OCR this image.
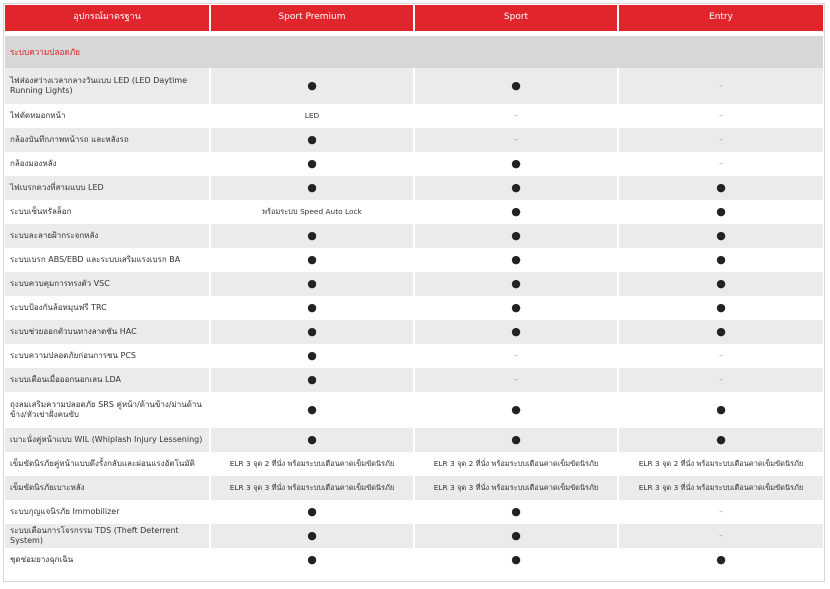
อุปกรณ์มาตรฐาน	Sport Premium	Sport	Entry
ระบบความปลอดภัย
ไฟส่องสว่างเวลากลางวันแบบ LED (LED Daytime Running Lights)	●	●	–
ไฟตัดหมอกหน้า	LED	–	–
กล้องบันทึกภาพหน้ารถ และหลังรถ	●	–	–
กล้องมองหลัง	●	●	–
ไฟเบรกดวงที่สามแบบ LED	●	●	●
ระบบเซ็นทรัลล็อก	พร้อมระบบ Speed Auto Lock	●	●
ระบบละลายฝ้ากระจกหลัง	●	●	●
ระบบเบรก ABS/EBD และระบบเสริมแรงเบรก BA	●	●	●
ระบบควบคุมการทรงตัว VSC	●	●	●
ระบบป้องกันล้อหมุนฟรี TRC	●	●	●
ระบบช่วยออกตัวบนทางลาดชัน HAC	●	●	●
ระบบความปลอดภัยก่อนการชน PCS	●	–	–
ระบบเตือนเมื่อออกนอกเลน LDA	●	–	–
ถุงลมเสริมความปลอดภัย SRS คู่หน้า/ด้านข้าง/ม่านด้านข้าง/หัวเข่าฝั่งคนขับ	●	●	●
เบาะนั่งคู่หน้าแบบ WIL (Whiplash Injury Lessening)	●	●	●
เข็มขัดนิรภัยคู่หน้าแบบดึงรั้งกลับและผ่อนแรงอัตโนมัติ	ELR 3 จุด 2 ที่นั่ง พร้อมระบบเตือนคาดเข็มขัดนิรภัย	ELR 3 จุด 2 ที่นั่ง พร้อมระบบเตือนคาดเข็มขัดนิรภัย	ELR 3 จุด 2 ที่นั่ง พร้อมระบบเตือนคาดเข็มขัดนิรภัย
เข็มขัดนิรภัยเบาะหลัง	ELR 3 จุด 3 ที่นั่ง พร้อมระบบเตือนคาดเข็มขัดนิรภัย	ELR 3 จุด 3 ที่นั่ง พร้อมระบบเตือนคาดเข็มขัดนิรภัย	ELR 3 จุด 3 ที่นั่ง พร้อมระบบเตือนคาดเข็มขัดนิรภัย
ระบบกุญแจนิรภัย Immobilizer	●	●	–
ระบบเตือนการโจรกรรม TDS (Theft Deterrent System)	●	●	–
ชุดซ่อมยางฉุกเฉิน	●	●	●
